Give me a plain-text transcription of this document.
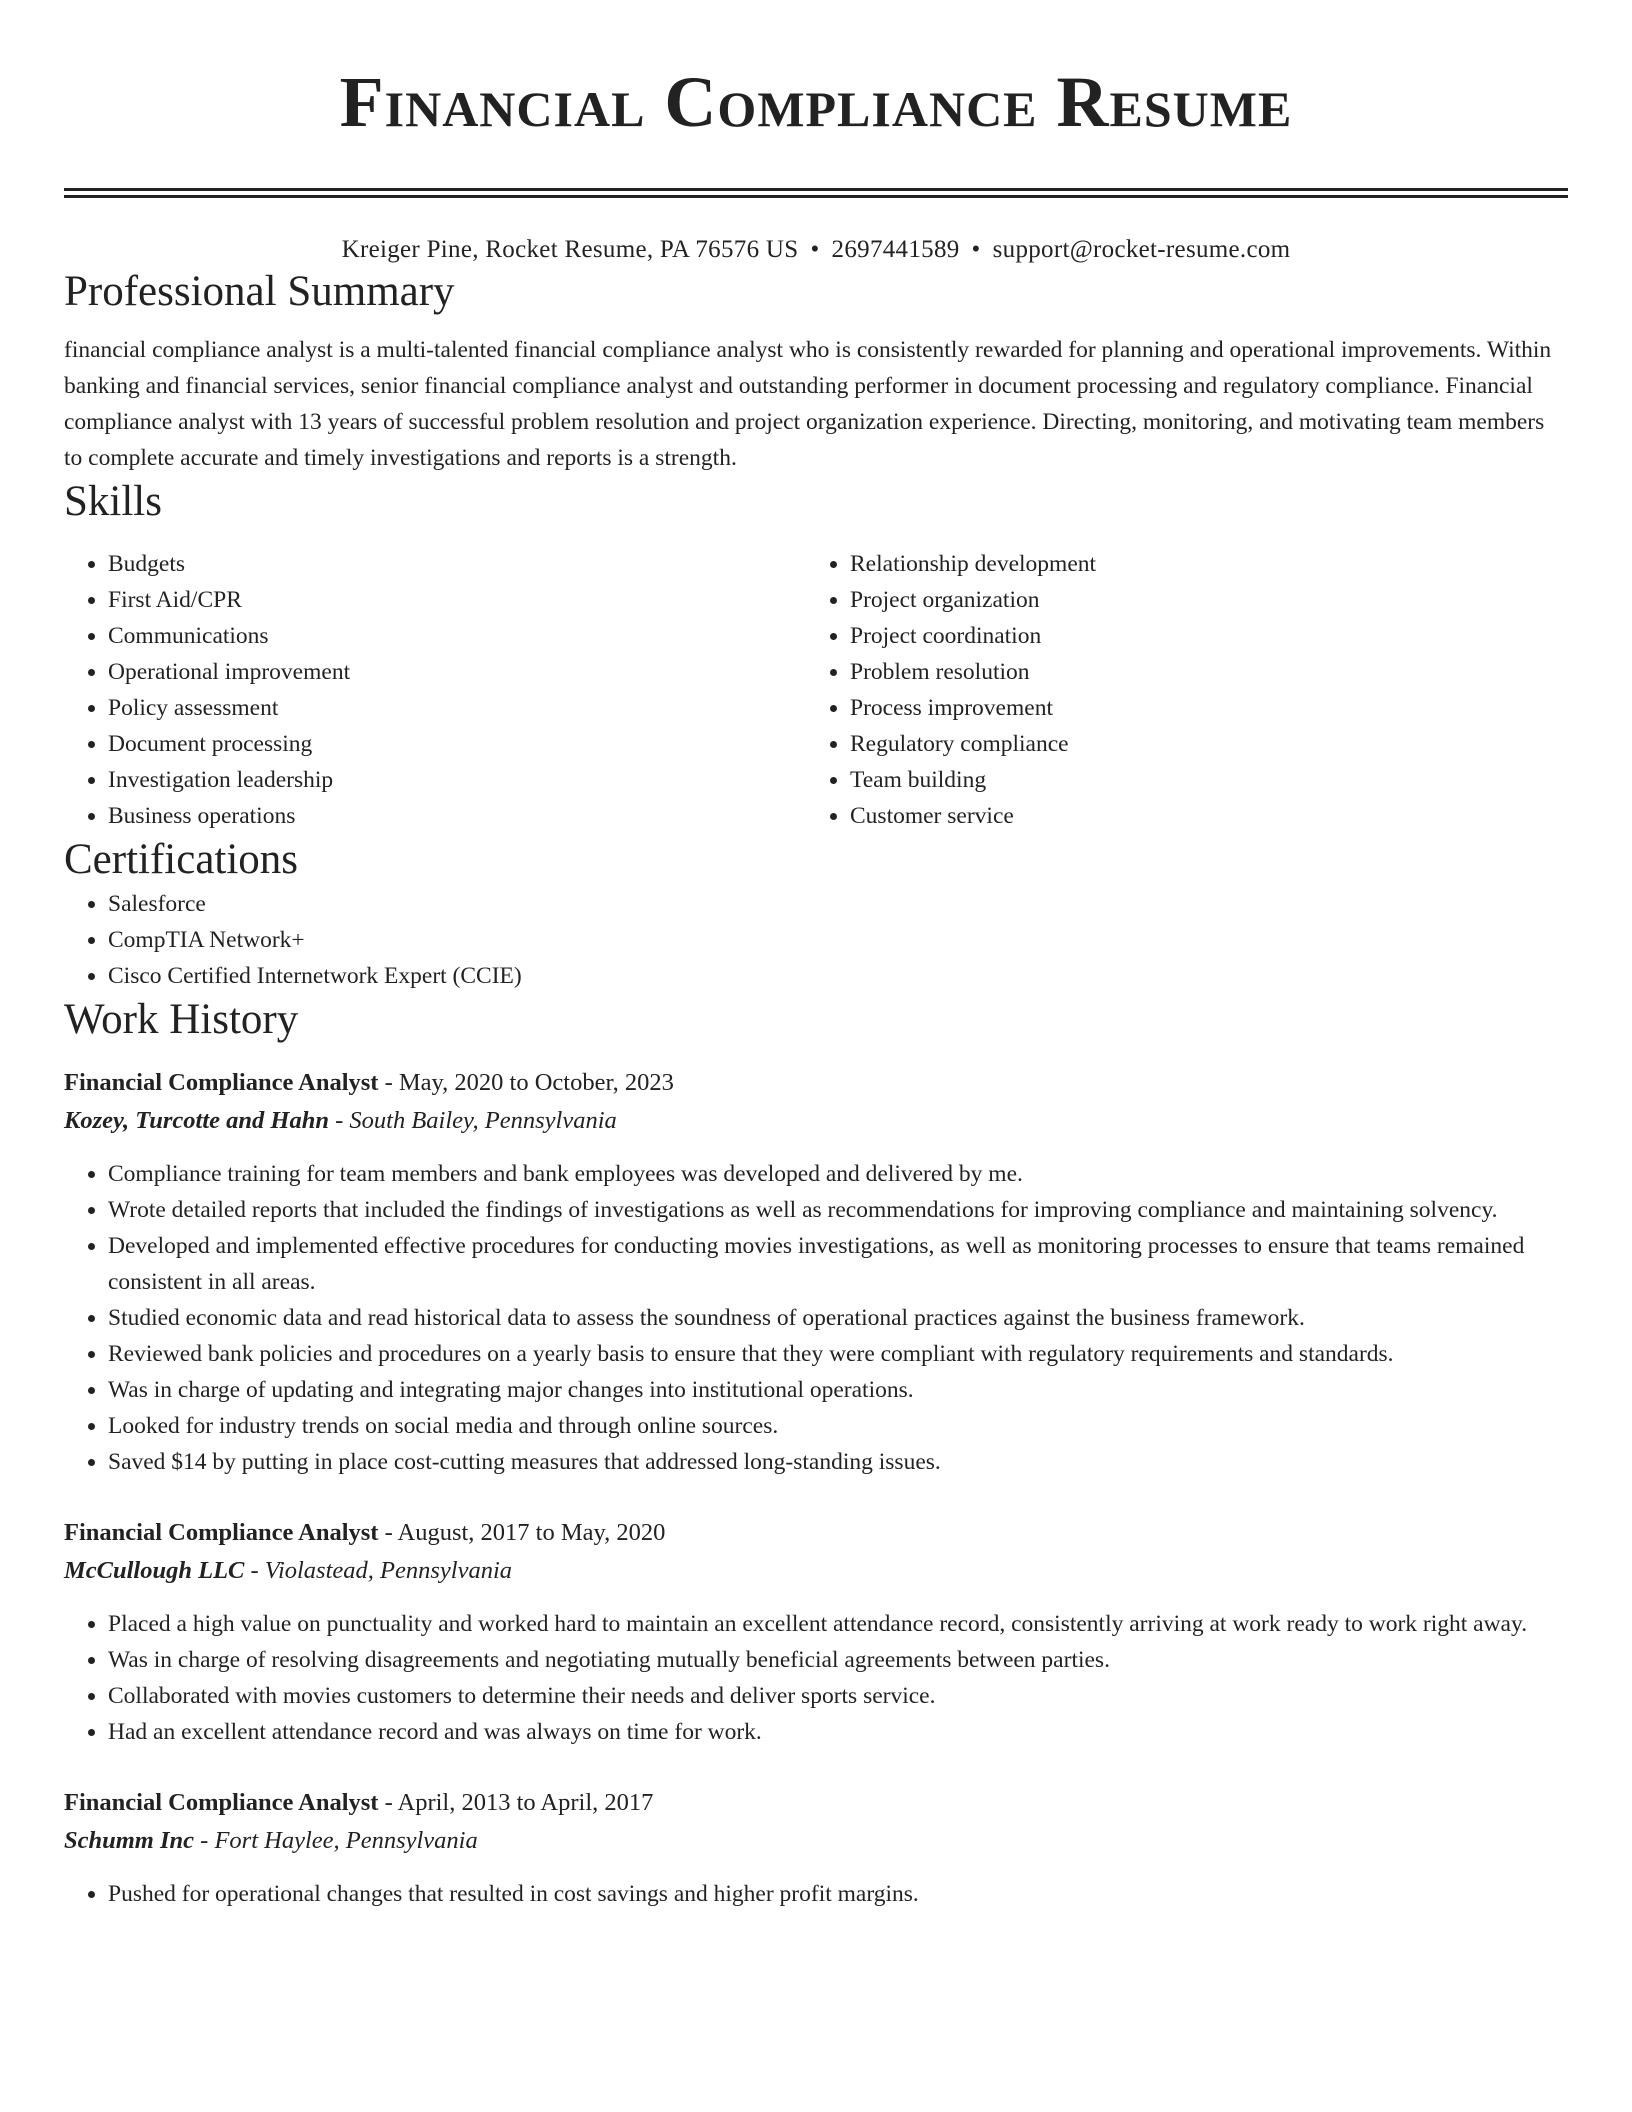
Financial Compliance Resume
Kreiger Pine, Rocket Resume, PA 76576 US • 2697441589 • support@rocket-resume.com
Professional Summary

financial compliance analyst is a multi-talented financial compliance analyst who is consistently rewarded for planning and operational improvements. Within banking and financial services, senior financial compliance analyst and outstanding performer in document processing and regulatory compliance. Financial compliance analyst with 13 years of successful problem resolution and project organization experience. Directing, monitoring, and motivating team members to complete accurate and timely investigations and reports is a strength.

Skills
• Budgets
• First Aid/CPR
• Communications
• Operational improvement
• Policy assessment
• Document processing
• Investigation leadership
• Business operations
• Relationship development
• Project organization
• Project coordination
• Problem resolution
• Process improvement
• Regulatory compliance
• Team building
• Customer service
Certifications
• Salesforce
• CompTIA Network+
• Cisco Certified Internetwork Expert (CCIE)
Work History
Financial Compliance Analyst - May, 2020 to October, 2023
Kozey, Turcotte and Hahn - South Bailey, Pennsylvania
• Compliance training for team members and bank employees was developed and delivered by me.
• Wrote detailed reports that included the findings of investigations as well as recommendations for improving compliance and maintaining solvency.
• Developed and implemented effective procedures for conducting movies investigations, as well as monitoring processes to ensure that teams remained consistent in all areas.
• Studied economic data and read historical data to assess the soundness of operational practices against the business framework.
• Reviewed bank policies and procedures on a yearly basis to ensure that they were compliant with regulatory requirements and standards.
• Was in charge of updating and integrating major changes into institutional operations.
• Looked for industry trends on social media and through online sources.
• Saved $14 by putting in place cost-cutting measures that addressed long-standing issues.
Financial Compliance Analyst - August, 2017 to May, 2020
McCullough LLC - Violastead, Pennsylvania
• Placed a high value on punctuality and worked hard to maintain an excellent attendance record, consistently arriving at work ready to work right away.
• Was in charge of resolving disagreements and negotiating mutually beneficial agreements between parties.
• Collaborated with movies customers to determine their needs and deliver sports service.
• Had an excellent attendance record and was always on time for work.
Financial Compliance Analyst - April, 2013 to April, 2017
Schumm Inc - Fort Haylee, Pennsylvania
• Pushed for operational changes that resulted in cost savings and higher profit margins.
